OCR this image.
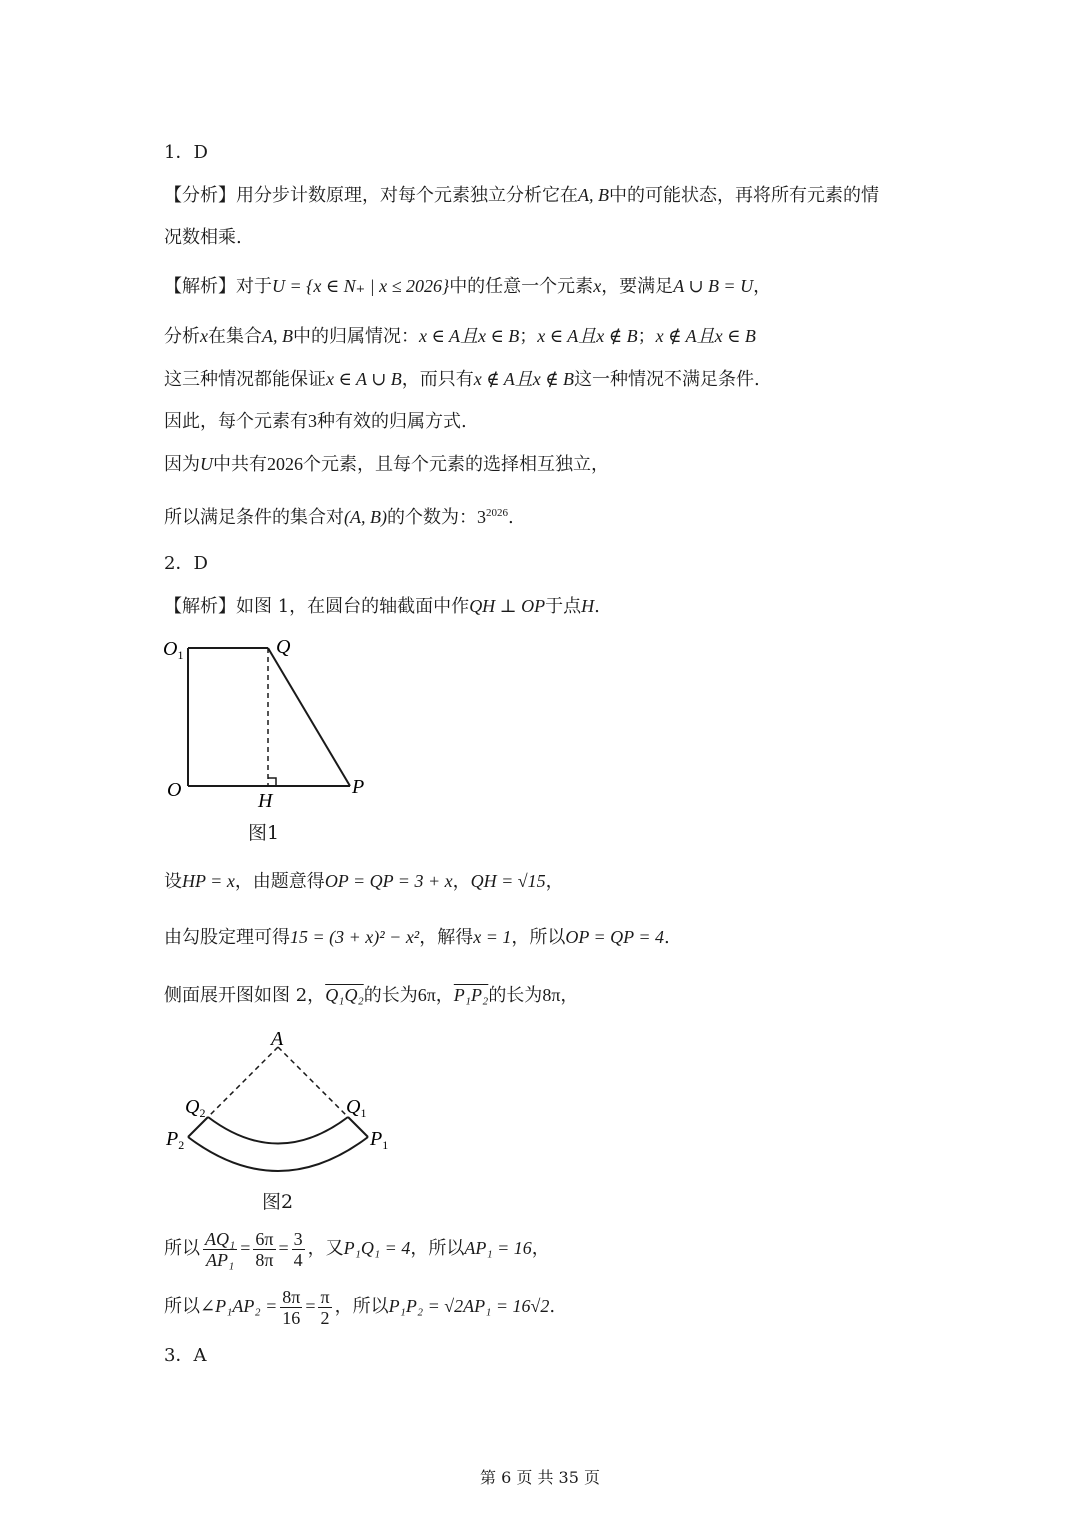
1．D
【分析】用分步计数原理，对每个元素独立分析它在A, B中的可能状态，再将所有元素的情
况数相乘.
【解析】对于U = {x ∈ N₊ | x ≤ 2026}中的任意一个元素x，要满足A ∪ B = U，
分析x在集合A, B中的归属情况：x ∈ A且x ∈ B；x ∈ A且x ∉ B；x ∉ A且x ∈ B
这三种情况都能保证x ∈ A ∪ B，而只有x ∉ A且x ∉ B这一种情况不满足条件.
因此，每个元素有3种有效的归属方式.
因为U中共有2026个元素，且每个元素的选择相互独立，
所以满足条件的集合对(A, B)的个数为：$3^{2026}$.
2．D
【解析】如图 1，在圆台的轴截面中作QH ⊥ OP于点H.
$O_1$	Q
O	H
P
图1
设HP = x，由题意得OP = QP = 3 + x，QH = √15，
由勾股定理可得15 = (3 + x)² − x²，解得x = 1，所以OP = QP = 4.
侧面展开图如图 2，Q₁Q₂的长为6π，P₁P₂的长为8π，
A
$Q_2$	$Q_1$
$P_2$	$P_1$
图2
所以 $\frac{\text{AQ₁}}{\text{AP₁}} = \frac{6\pi}{8\pi} = \frac{3}{4}$ ，又P₁Q₁ = 4，所以AP₁ = 16，
所以∠P₁AP₂ = $\frac{8\pi}{16} = \frac{\pi}{2}$ ，所以P₁P₂ = √2AP₁ = 16√2.
3．A
第 6 页 共 35 页
